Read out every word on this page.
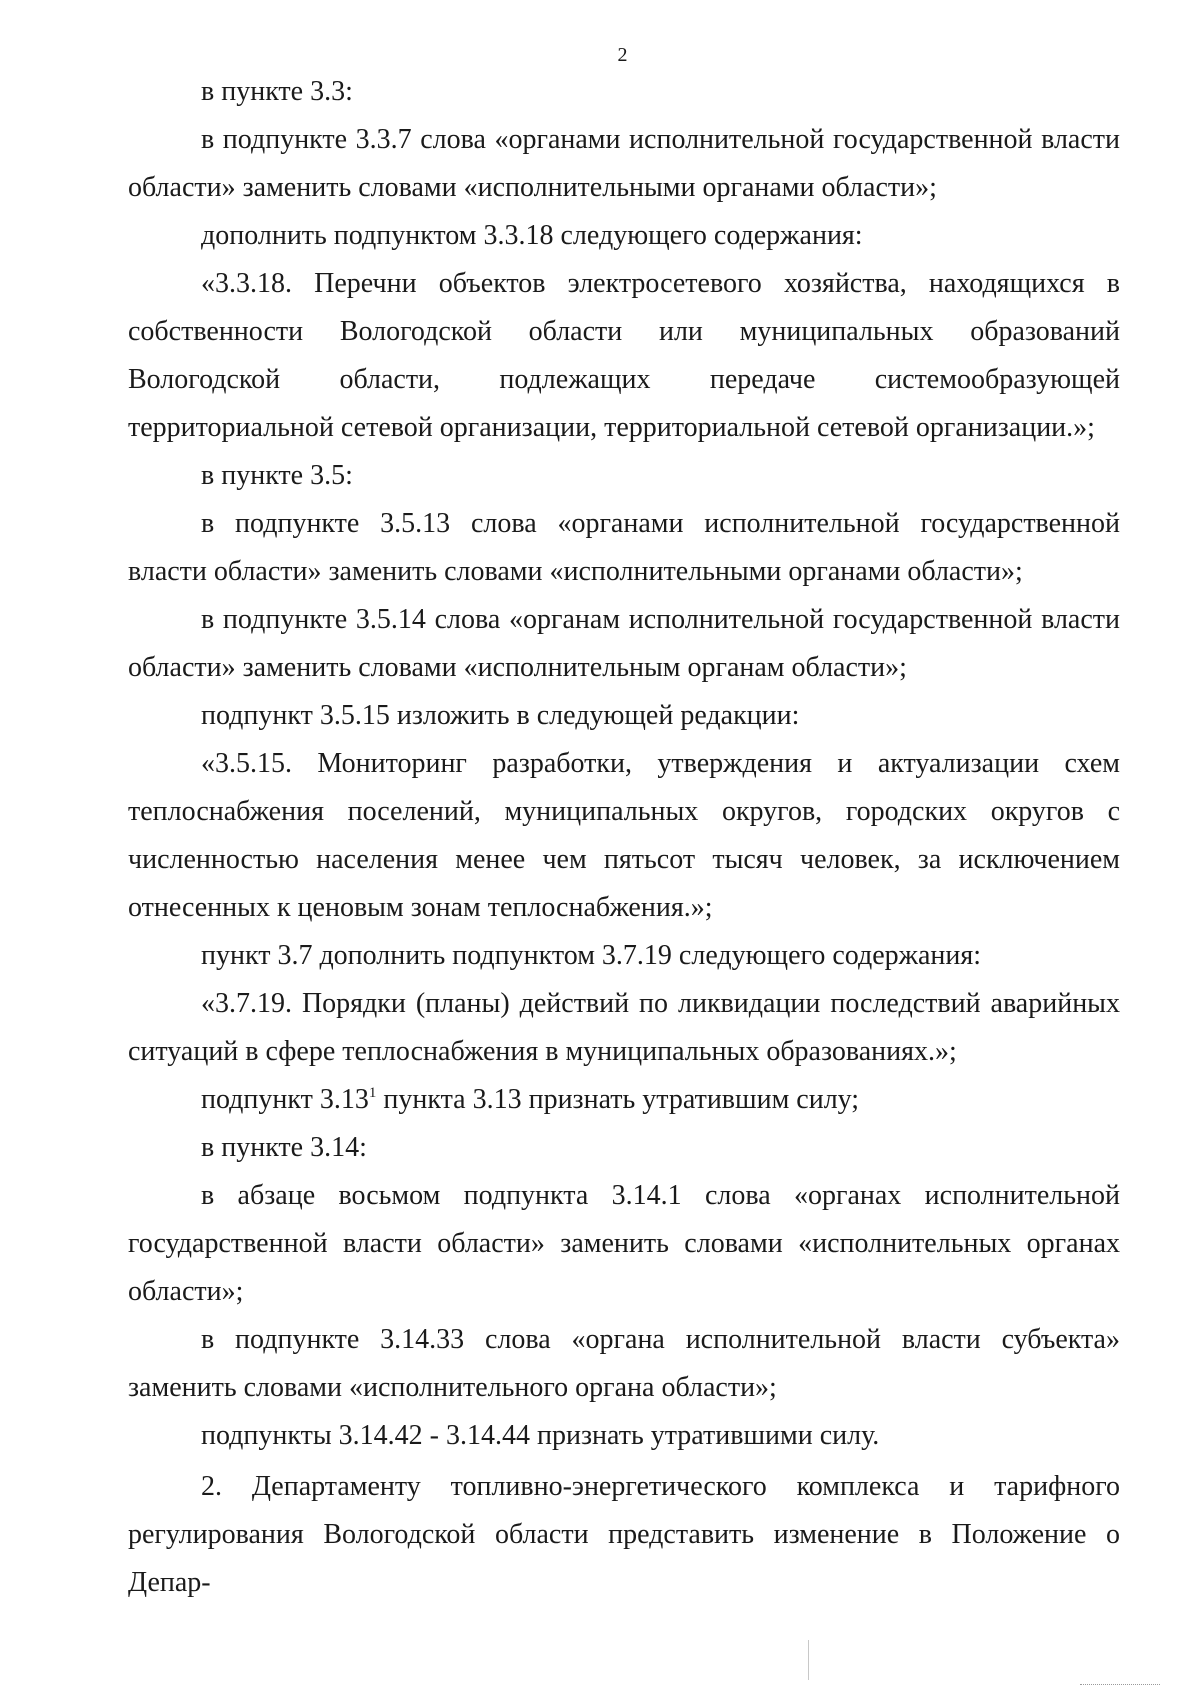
2

в пункте 3.3:

в подпункте 3.3.7 слова «органами исполнительной государственной власти области» заменить словами «исполнительными органами области»;

дополнить подпунктом 3.3.18 следующего содержания:

«3.3.18. Перечни объектов электросетевого хозяйства, находящихся в собственности Вологодской области или муниципальных образований Вологодской области, подлежащих передаче системообразующей территориальной сетевой организации, территориальной сетевой организации.»;

в пункте 3.5:

в подпункте 3.5.13 слова «органами исполнительной государственной власти области» заменить словами «исполнительными органами области»;

в подпункте 3.5.14 слова «органам исполнительной государственной власти области» заменить словами «исполнительным органам области»;

подпункт 3.5.15 изложить в следующей редакции:

«3.5.15. Мониторинг разработки, утверждения и актуализации схем теплоснабжения поселений, муниципальных округов, городских округов с численностью населения менее чем пятьсот тысяч человек, за исключением отнесенных к ценовым зонам теплоснабжения.»;

пункт 3.7 дополнить подпунктом 3.7.19 следующего содержания:

«3.7.19. Порядки (планы) действий по ликвидации последствий аварийных ситуаций в сфере теплоснабжения в муниципальных образованиях.»;

подпункт 3.13$^1$ пункта 3.13 признать утратившим силу;

в пункте 3.14:

в абзаце восьмом подпункта 3.14.1 слова «органах исполнительной государственной власти области» заменить словами «исполнительных органах области»;

в подпункте 3.14.33 слова «органа исполнительной власти субъекта» заменить словами «исполнительного органа области»;

подпункты 3.14.42 - 3.14.44 признать утратившими силу.

2. Департаменту топливно-энергетического комплекса и тарифного регулирования Вологодской области представить изменение в Положение о Депар-
